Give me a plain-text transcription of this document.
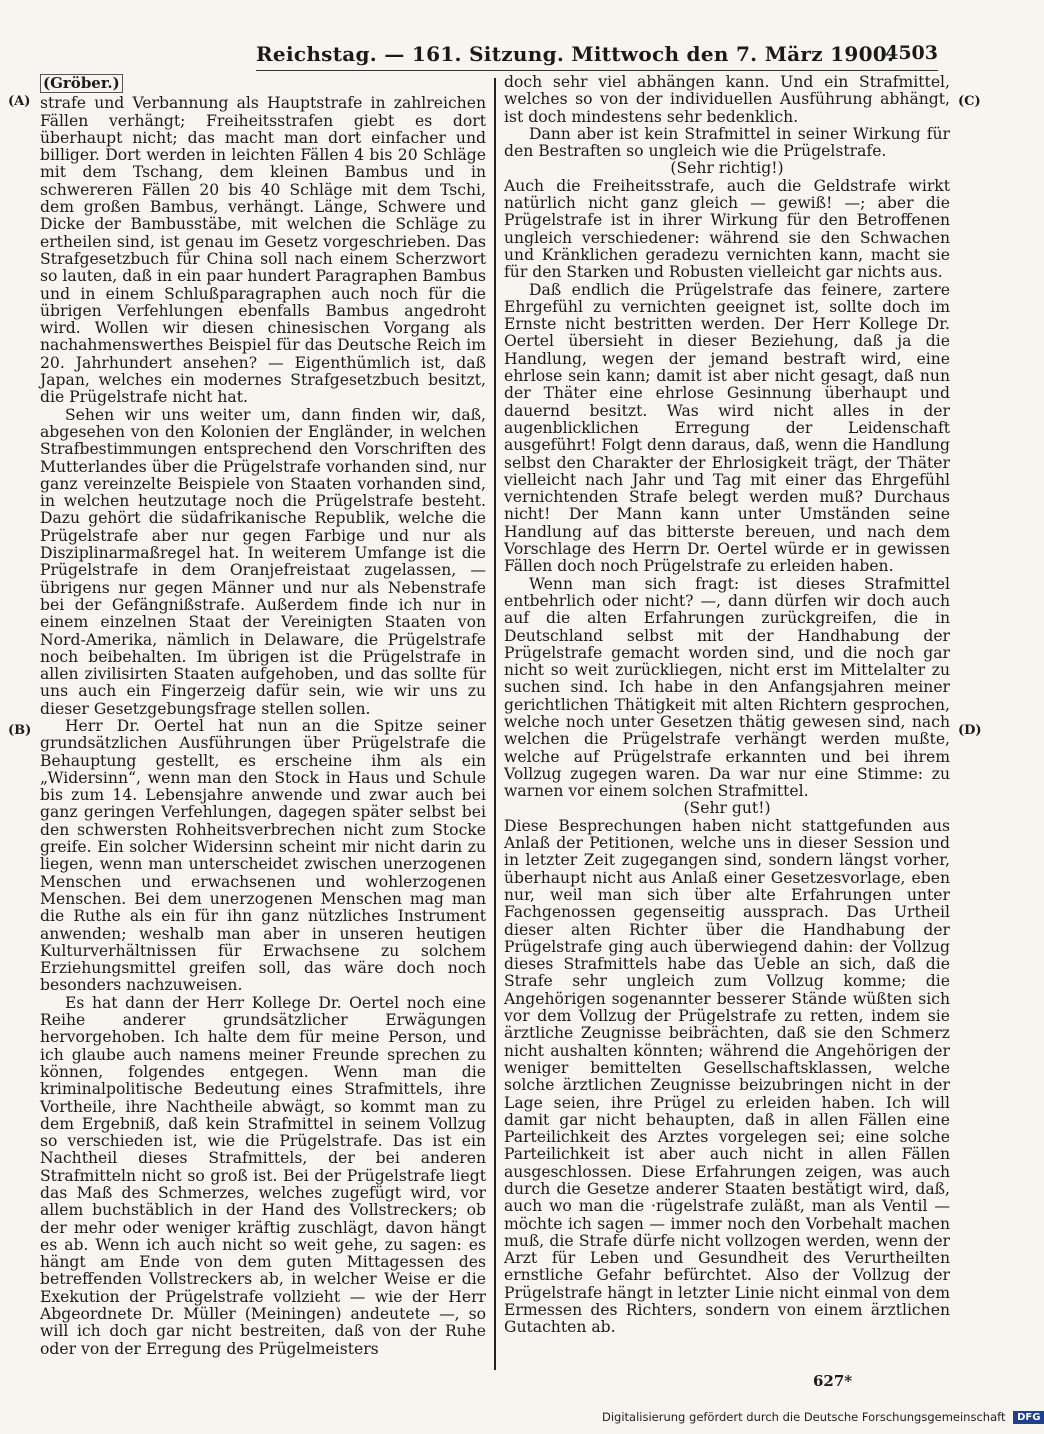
Reichstag. — 161. Sitzung. Mittwoch den 7. März 1900.
4503
(A)
(B)
(C)
(D)
(Gröber.)

strafe und Verbannung als Hauptstrafe in zahlreichen Fällen verhängt; Freiheitsstrafen giebt es dort überhaupt nicht; das macht man dort einfacher und billiger. Dort werden in leichten Fällen 4 bis 20 Schläge mit dem Tschang, dem kleinen Bambus und in schwereren Fällen 20 bis 40 Schläge mit dem Tschi, dem großen Bambus, verhängt. Länge, Schwere und Dicke der Bambusstäbe, mit welchen die Schläge zu ertheilen sind, ist genau im Gesetz vorgeschrieben. Das Strafgesetzbuch für China soll nach einem Scherzwort so lauten, daß in ein paar hundert Paragraphen Bambus und in einem Schlußparagraphen auch noch für die übrigen Verfehlungen ebenfalls Bambus angedroht wird. Wollen wir diesen chinesischen Vorgang als nachahmenswerthes Beispiel für das Deutsche Reich im 20. Jahrhundert ansehen? — Eigenthümlich ist, daß Japan, welches ein modernes Strafgesetzbuch besitzt, die Prügelstrafe nicht hat.

Sehen wir uns weiter um, dann finden wir, daß, abgesehen von den Kolonien der Engländer, in welchen Strafbestimmungen entsprechend den Vorschriften des Mutterlandes über die Prügelstrafe vorhanden sind, nur ganz vereinzelte Beispiele von Staaten vorhanden sind, in welchen heutzutage noch die Prügelstrafe besteht. Dazu gehört die südafrikanische Republik, welche die Prügelstrafe aber nur gegen Farbige und nur als Disziplinarmaßregel hat. In weiterem Umfange ist die Prügelstrafe in dem Oranjefreistaat zugelassen, — übrigens nur gegen Männer und nur als Nebenstrafe bei der Gefängnißstrafe. Außerdem finde ich nur in einem einzelnen Staat der Vereinigten Staaten von Nord-Amerika, nämlich in Delaware, die Prügelstrafe noch beibehalten. Im übrigen ist die Prügelstrafe in allen zivilisirten Staaten aufgehoben, und das sollte für uns auch ein Fingerzeig dafür sein, wie wir uns zu dieser Gesetzgebungsfrage stellen sollen.

Herr Dr. Oertel hat nun an die Spitze seiner grundsätzlichen Ausführungen über Prügelstrafe die Behauptung gestellt, es erscheine ihm als ein „Widersinn“, wenn man den Stock in Haus und Schule bis zum 14. Lebensjahre anwende und zwar auch bei ganz geringen Verfehlungen, dagegen später selbst bei den schwersten Rohheitsverbrechen nicht zum Stocke greife. Ein solcher Widersinn scheint mir nicht darin zu liegen, wenn man unterscheidet zwischen unerzogenen Menschen und erwachsenen und wohlerzogenen Menschen. Bei dem unerzogenen Menschen mag man die Ruthe als ein für ihn ganz nützliches Instrument anwenden; weshalb man aber in unseren heutigen Kulturverhältnissen für Erwachsene zu solchem Erziehungsmittel greifen soll, das wäre doch noch besonders nachzuweisen.

Es hat dann der Herr Kollege Dr. Oertel noch eine Reihe anderer grundsätzlicher Erwägungen hervorgehoben. Ich halte dem für meine Person, und ich glaube auch namens meiner Freunde sprechen zu können, folgendes entgegen. Wenn man die kriminalpolitische Bedeutung eines Strafmittels, ihre Vortheile, ihre Nachtheile abwägt, so kommt man zu dem Ergebniß, daß kein Strafmittel in seinem Vollzug so verschieden ist, wie die Prügelstrafe. Das ist ein Nachtheil dieses Strafmittels, der bei anderen Strafmitteln nicht so groß ist. Bei der Prügelstrafe liegt das Maß des Schmerzes, welches zugefügt wird, vor allem buchstäblich in der Hand des Vollstreckers; ob der mehr oder weniger kräftig zuschlägt, davon hängt es ab. Wenn ich auch nicht so weit gehe, zu sagen: es hängt am Ende von dem guten Mittagessen des betreffenden Vollstreckers ab, in welcher Weise er die Exekution der Prügelstrafe vollzieht — wie der Herr Abgeordnete Dr. Müller (Meiningen) andeutete —, so will ich doch gar nicht bestreiten, daß von der Ruhe oder von der Erregung des Prügelmeisters

doch sehr viel abhängen kann. Und ein Strafmittel, welches so von der individuellen Ausführung abhängt, ist doch mindestens sehr bedenklich.

Dann aber ist kein Strafmittel in seiner Wirkung für den Bestraften so ungleich wie die Prügelstrafe.

(Sehr richtig!)

Auch die Freiheitsstrafe, auch die Geldstrafe wirkt natürlich nicht ganz gleich — gewiß! —; aber die Prügelstrafe ist in ihrer Wirkung für den Betroffenen ungleich verschiedener: während sie den Schwachen und Kränklichen geradezu vernichten kann, macht sie für den Starken und Robusten vielleicht gar nichts aus.

Daß endlich die Prügelstrafe das feinere, zartere Ehrgefühl zu vernichten geeignet ist, sollte doch im Ernste nicht bestritten werden. Der Herr Kollege Dr. Oertel übersieht in dieser Beziehung, daß ja die Handlung, wegen der jemand bestraft wird, eine ehrlose sein kann; damit ist aber nicht gesagt, daß nun der Thäter eine ehrlose Gesinnung überhaupt und dauernd besitzt. Was wird nicht alles in der augenblicklichen Erregung der Leidenschaft ausgeführt! Folgt denn daraus, daß, wenn die Handlung selbst den Charakter der Ehrlosigkeit trägt, der Thäter vielleicht nach Jahr und Tag mit einer das Ehrgefühl vernichtenden Strafe belegt werden muß? Durchaus nicht! Der Mann kann unter Umständen seine Handlung auf das bitterste bereuen, und nach dem Vorschlage des Herrn Dr. Oertel würde er in gewissen Fällen doch noch Prügelstrafe zu erleiden haben.

Wenn man sich fragt: ist dieses Strafmittel entbehrlich oder nicht? —, dann dürfen wir doch auch auf die alten Erfahrungen zurückgreifen, die in Deutschland selbst mit der Handhabung der Prügelstrafe gemacht worden sind, und die noch gar nicht so weit zurückliegen, nicht erst im Mittelalter zu suchen sind. Ich habe in den Anfangsjahren meiner gerichtlichen Thätigkeit mit alten Richtern gesprochen, welche noch unter Gesetzen thätig gewesen sind, nach welchen die Prügelstrafe verhängt werden mußte, welche auf Prügelstrafe erkannten und bei ihrem Vollzug zugegen waren. Da war nur eine Stimme: zu warnen vor einem solchen Strafmittel.

(Sehr gut!)

Diese Besprechungen haben nicht stattgefunden aus Anlaß der Petitionen, welche uns in dieser Session und in letzter Zeit zugegangen sind, sondern längst vorher, überhaupt nicht aus Anlaß einer Gesetzesvorlage, eben nur, weil man sich über alte Erfahrungen unter Fachgenossen gegenseitig aussprach. Das Urtheil dieser alten Richter über die Handhabung der Prügelstrafe ging auch überwiegend dahin: der Vollzug dieses Strafmittels habe das Ueble an sich, daß die Strafe sehr ungleich zum Vollzug komme; die Angehörigen sogenannter besserer Stände wüßten sich vor dem Vollzug der Prügelstrafe zu retten, indem sie ärztliche Zeugnisse beibrächten, daß sie den Schmerz nicht aushalten könnten; während die Angehörigen der weniger bemittelten Gesellschaftsklassen, welche solche ärztlichen Zeugnisse beizubringen nicht in der Lage seien, ihre Prügel zu erleiden haben. Ich will damit gar nicht behaupten, daß in allen Fällen eine Parteilichkeit des Arztes vorgelegen sei; eine solche Parteilichkeit ist aber auch nicht in allen Fällen ausgeschlossen. Diese Erfahrungen zeigen, was auch durch die Gesetze anderer Staaten bestätigt wird, daß, auch wo man die ·rügelstrafe zuläßt, man als Ventil — möchte ich sagen — immer noch den Vorbehalt machen muß, die Strafe dürfe nicht vollzogen werden, wenn der Arzt für Leben und Gesundheit des Verurtheilten ernstliche Gefahr befürchtet. Also der Vollzug der Prügelstrafe hängt in letzter Linie nicht einmal von dem Ermessen des Richters, sondern von einem ärztlichen Gutachten ab.

627*
Digitalisierung gefördert durch die Deutsche Forschungsgemeinschaft DFG
